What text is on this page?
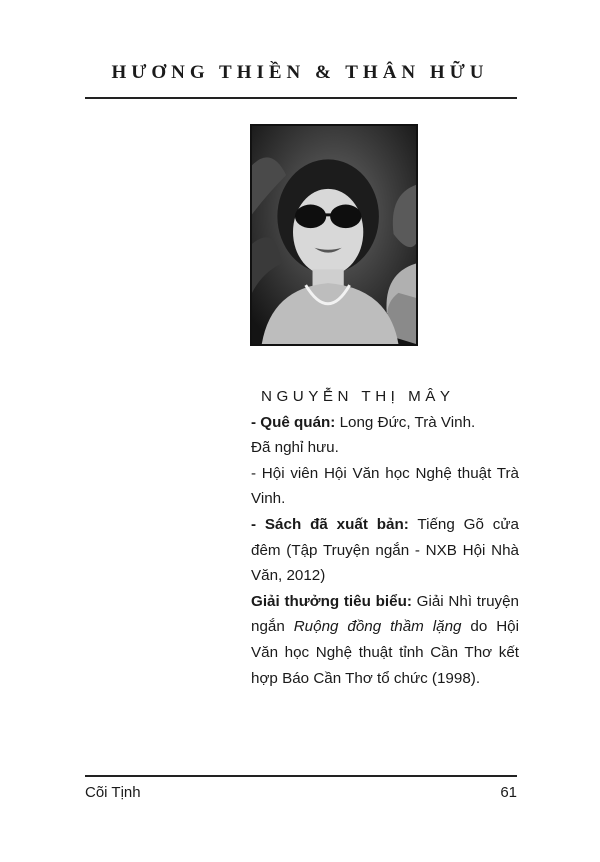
HƯƠNG THIỀN & THÂN HỮU

NGUYỄN THỊ MÂY

- Quê quán: Long Đức, Trà Vinh.

Đã nghỉ hưu.

- Hội viên Hội Văn học Nghệ thuật Trà Vinh.

- Sách đã xuất bản: Tiếng Gõ cửa đêm (Tập Truyện ngắn - NXB Hội Nhà Văn, 2012)

Giải thưởng tiêu biểu: Giải Nhì truyện ngắn Ruộng đồng thầm lặng do Hội Văn học Nghệ thuật tỉnh Cần Thơ kết hợp Báo Cần Thơ tổ chức (1998).

Cõi Tịnh	61
